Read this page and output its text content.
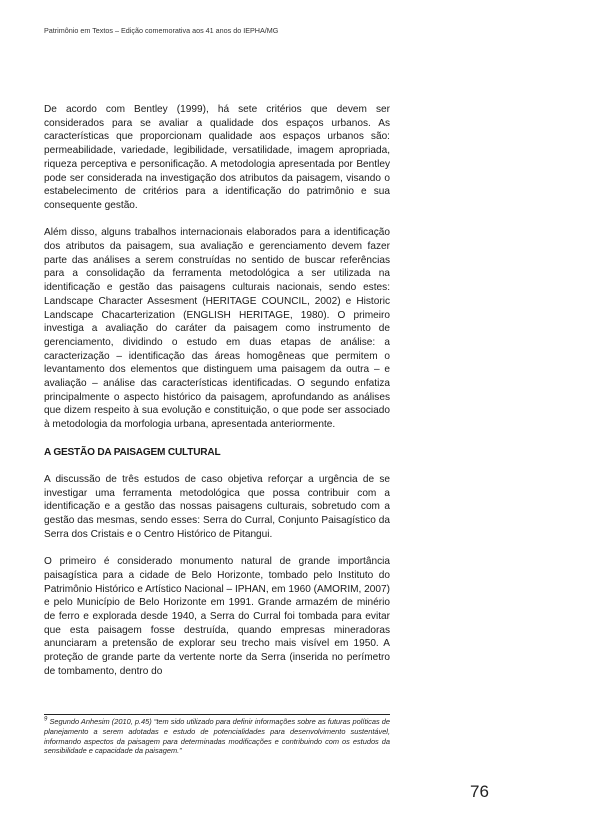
Patrimônio em Textos – Edição comemorativa aos 41 anos do IEPHA/MG

De acordo com Bentley (1999), há sete critérios que devem ser considerados para se avaliar a qualidade dos espaços urbanos. As características que proporcionam qualidade aos espaços urbanos são: permeabilidade, variedade, legibilidade, versatilidade, imagem apropriada, riqueza perceptiva e personificação. A metodologia apresentada por Bentley pode ser considerada na investigação dos atributos da paisagem, visando o estabelecimento de critérios para a identificação do patrimônio e sua consequente gestão.

Além disso, alguns trabalhos internacionais elaborados para a identificação dos atributos da paisagem, sua avaliação e gerenciamento devem fazer parte das análises a serem construídas no sentido de buscar referências para a consolidação da ferramenta metodológica a ser utilizada na identificação e gestão das paisagens culturais nacionais, sendo estes: Landscape Character Assesment (HERITAGE COUNCIL, 2002) e Historic Landscape Chacarterization (ENGLISH HERITAGE, 1980). O primeiro investiga a avaliação do caráter da paisagem como instrumento de gerenciamento, dividindo o estudo em duas etapas de análise: a caracterização – identificação das áreas homogêneas que permitem o levantamento dos elementos que distinguem uma paisagem da outra – e avaliação – análise das características identificadas. O segundo enfatiza principalmente o aspecto histórico da paisagem, aprofundando as análises que dizem respeito à sua evolução e constituição, o que pode ser associado à metodologia da morfologia urbana, apresentada anteriormente.

A GESTÃO DA PAISAGEM CULTURAL

A discussão de três estudos de caso objetiva reforçar a urgência de se investigar uma ferramenta metodológica que possa contribuir com a identificação e a gestão das nossas paisagens culturais, sobretudo com a gestão das mesmas, sendo esses: Serra do Curral, Conjunto Paisagístico da Serra dos Cristais e o Centro Histórico de Pitangui.

O primeiro é considerado monumento natural de grande importância paisagística para a cidade de Belo Horizonte, tombado pelo Instituto do Patrimônio Histórico e Artístico Nacional – IPHAN, em 1960 (AMORIM, 2007) e pelo Município de Belo Horizonte em 1991. Grande armazém de minério de ferro e explorada desde 1940, a Serra do Curral foi tombada para evitar que esta paisagem fosse destruída, quando empresas mineradoras anunciaram a pretensão de explorar seu trecho mais visível em 1950. A proteção de grande parte da vertente norte da Serra (inserida no perímetro de tombamento, dentro do

$^9$ Segundo Anhesim (2010, p.45) “tem sido utilizado para definir informações sobre as futuras políticas de planejamento a serem adotadas e estudo de potencialidades para desenvolvimento sustentável, informando aspectos da paisagem para determinadas modificações e contribuindo com os estudos da sensibilidade e capacidade da paisagem.”
76
